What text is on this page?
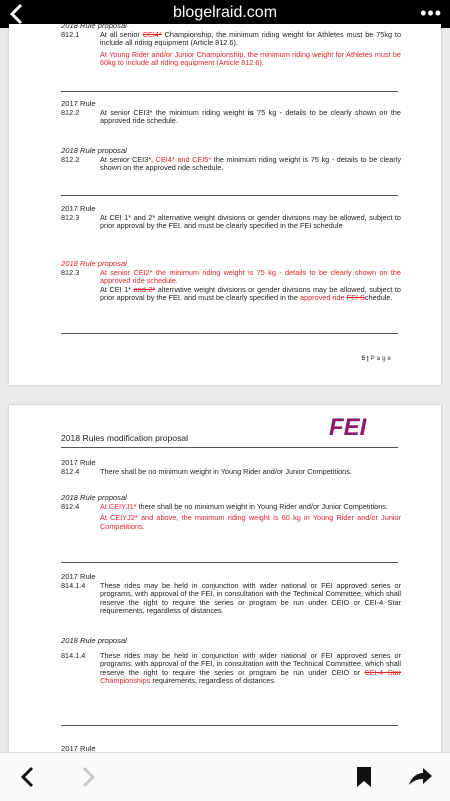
blogelraid.com	•••
2018 Rule proposal
812.1	At all senior CEI4* Championship, the minimum riding weight for Athletes must be 75kg to include all riding equipment (Article 812.6).
At Young Rider and/or Junior Championship, the minimum riding weight for Athletes must be 60kg to include all riding equipment (Article 812.6).
2017 Rule
812.2	At senior CEI3* the minimum riding weight is 75 kg - details to be clearly shown on the approved ride schedule.
2018 Rule proposal
812.2	At senior CEI3*, CEI4* and CEI5* the minimum riding weight is 75 kg - details to be clearly shown on the approved ride schedule.
2017 Rule
812.3	At CEI 1* and 2* alternative weight divisions or gender divisions may be allowed, subject to prior approval by the FEI, and must be clearly specified in the FEI schedule
2018 Rule proposal
812.3	At senior CEI2* the minimum riding weight is 75 kg - details to be clearly shown on the approved ride schedule.
At CEI 1* and 2* alternative weight divisions or gender divisions may be allowed, subject to prior approval by the FEI, and must be clearly specified in the approved ride FEI Schedule.
5 | P a g e
2018 Rules modification proposal	FEI
2017 Rule
812.4	There shall be no minimum weight in Young Rider and/or Junior Competitions.
2018 Rule proposal
812.4	At CEIYJ1* there shall be no minimum weight in Young Rider and/or Junior Competitions.
At CEIYJ2* and above, the minimum riding weight is 60 kg in Young Rider and/or Junior Competitions.
2017 Rule
814.1.4	These rides may be held in conjunction with wider national or FEI approved series or programs, with approval of the FEI, in consultation with the Technical Committee, which shall reserve the right to require the series or program be run under CEIO or CEI-4 Star requirements, regardless of distances.
2018 Rule proposal
814.1.4	These rides may be held in conjunction with wider national or FEI approved series or programs, with approval of the FEI, in consultation with the Technical Committee, which shall reserve the right to require the series or program be run under CEIO or CEI-4 Star Championships requirements, regardless of distances.
2017 Rule
